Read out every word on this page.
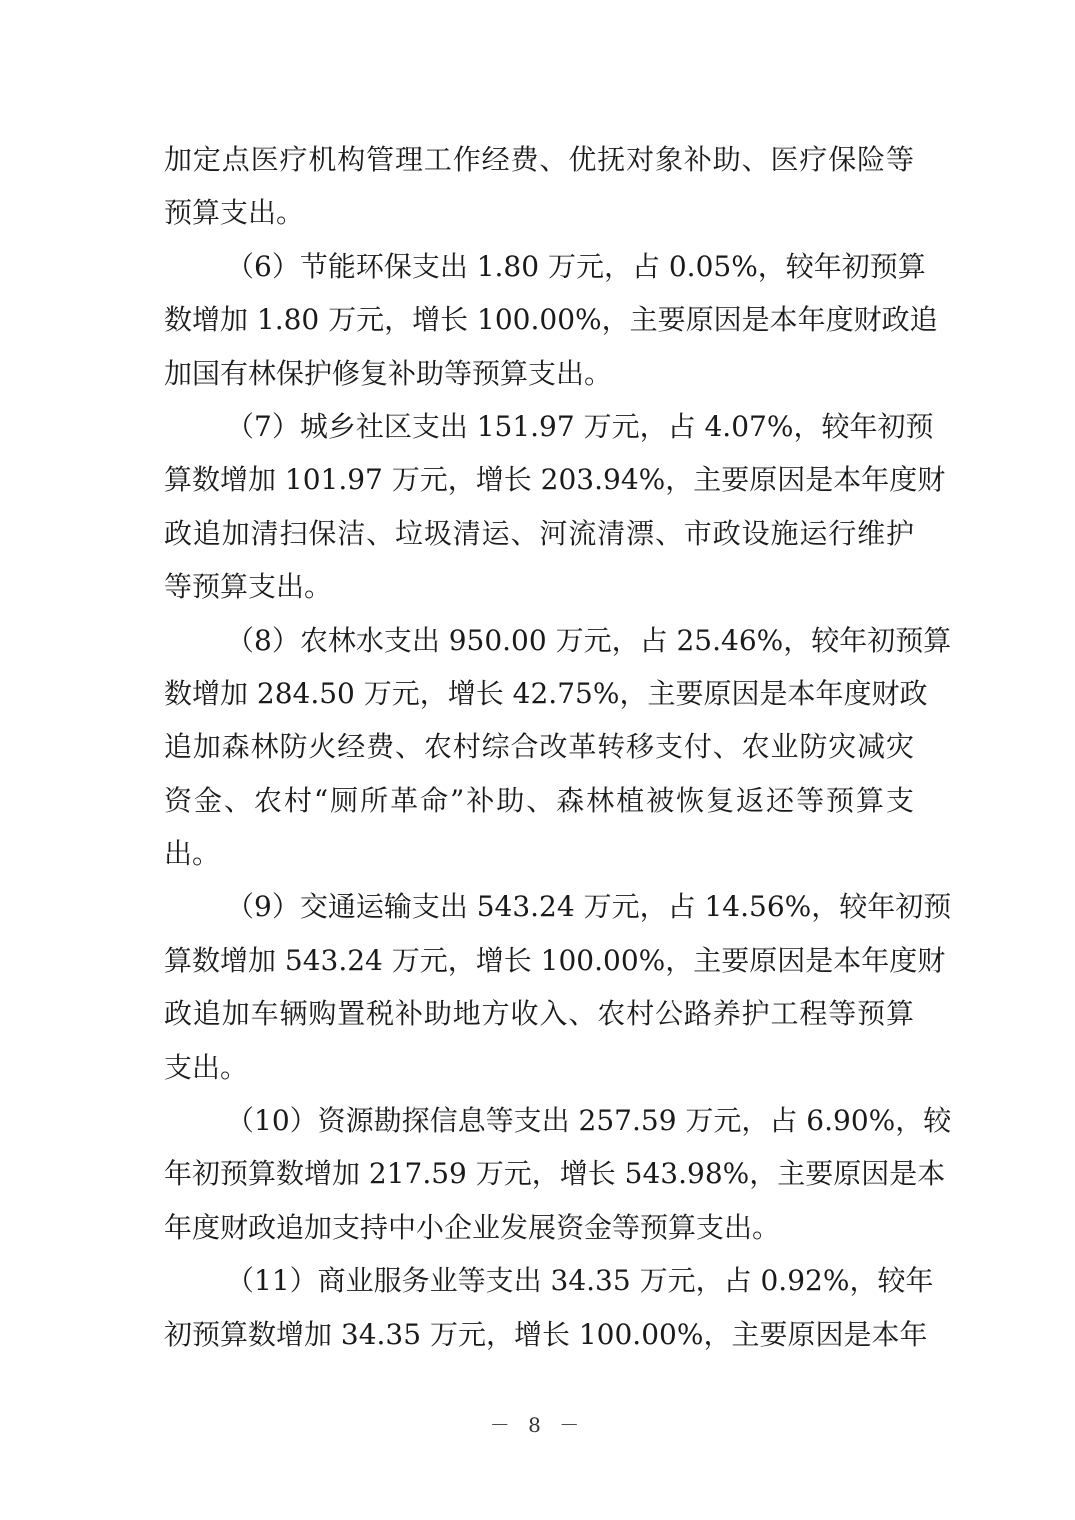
加定点医疗机构管理工作经费、优抚对象补助、医疗保险等
预算支出。
（6）节能环保支出 1.80 万元，占 0.05%，较年初预算
数增加 1.80 万元，增长 100.00%，主要原因是本年度财政追
加国有林保护修复补助等预算支出。
（7）城乡社区支出 151.97 万元，占 4.07%，较年初预
算数增加 101.97 万元，增长 203.94%，主要原因是本年度财
政追加清扫保洁、垃圾清运、河流清漂、市政设施运行维护
等预算支出。
（8）农林水支出 950.00 万元，占 25.46%，较年初预算
数增加 284.50 万元，增长 42.75%，主要原因是本年度财政
追加森林防火经费、农村综合改革转移支付、农业防灾减灾
资金、农村“厕所革命”补助、森林植被恢复返还等预算支
出。
（9）交通运输支出 543.24 万元，占 14.56%，较年初预
算数增加 543.24 万元，增长 100.00%，主要原因是本年度财
政追加车辆购置税补助地方收入、农村公路养护工程等预算
支出。
（10）资源勘探信息等支出 257.59 万元，占 6.90%，较
年初预算数增加 217.59 万元，增长 543.98%，主要原因是本
年度财政追加支持中小企业发展资金等预算支出。
（11）商业服务业等支出 34.35 万元，占 0.92%，较年
初预算数增加 34.35 万元，增长 100.00%，主要原因是本年
－ 8 －
